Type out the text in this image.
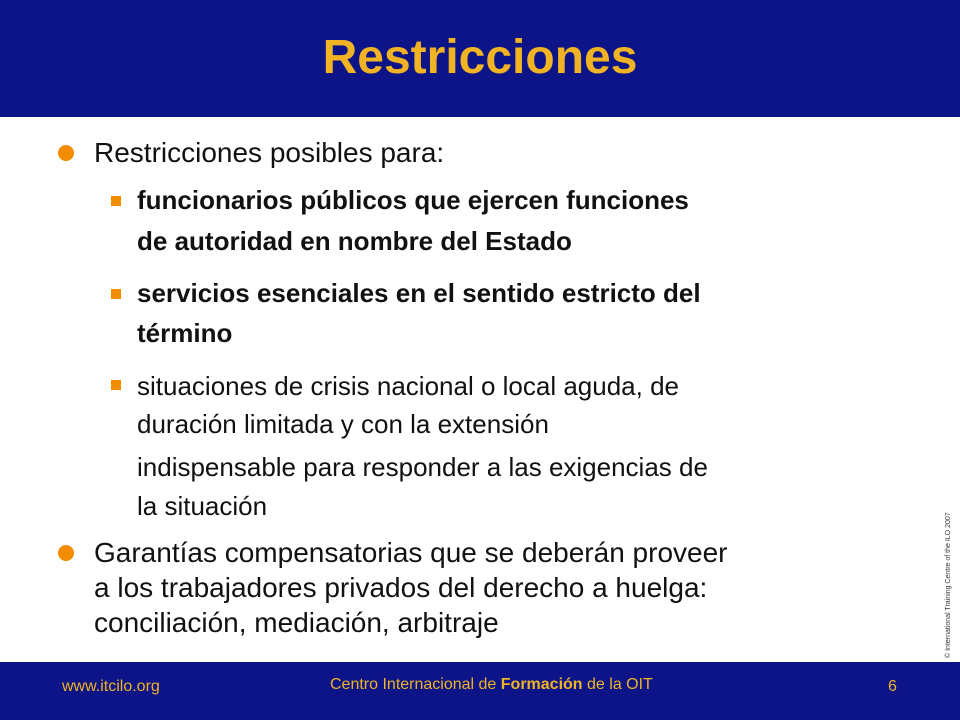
Restricciones
Restricciones posibles para:
funcionarios públicos que ejercen funciones
de autoridad en nombre del Estado
servicios esenciales en el sentido estricto del
término
situaciones de crisis nacional o local aguda, de
duración limitada y con la extensión
indispensable para responder a las exigencias de
la situación
Garantías compensatorias que se deberán proveer
a los trabajadores privados del derecho a huelga:
conciliación, mediación, arbitraje	© International Training Centre of the ILO 2007
www.itcilo.org	Centro Internacional de Formación de la OIT	6
